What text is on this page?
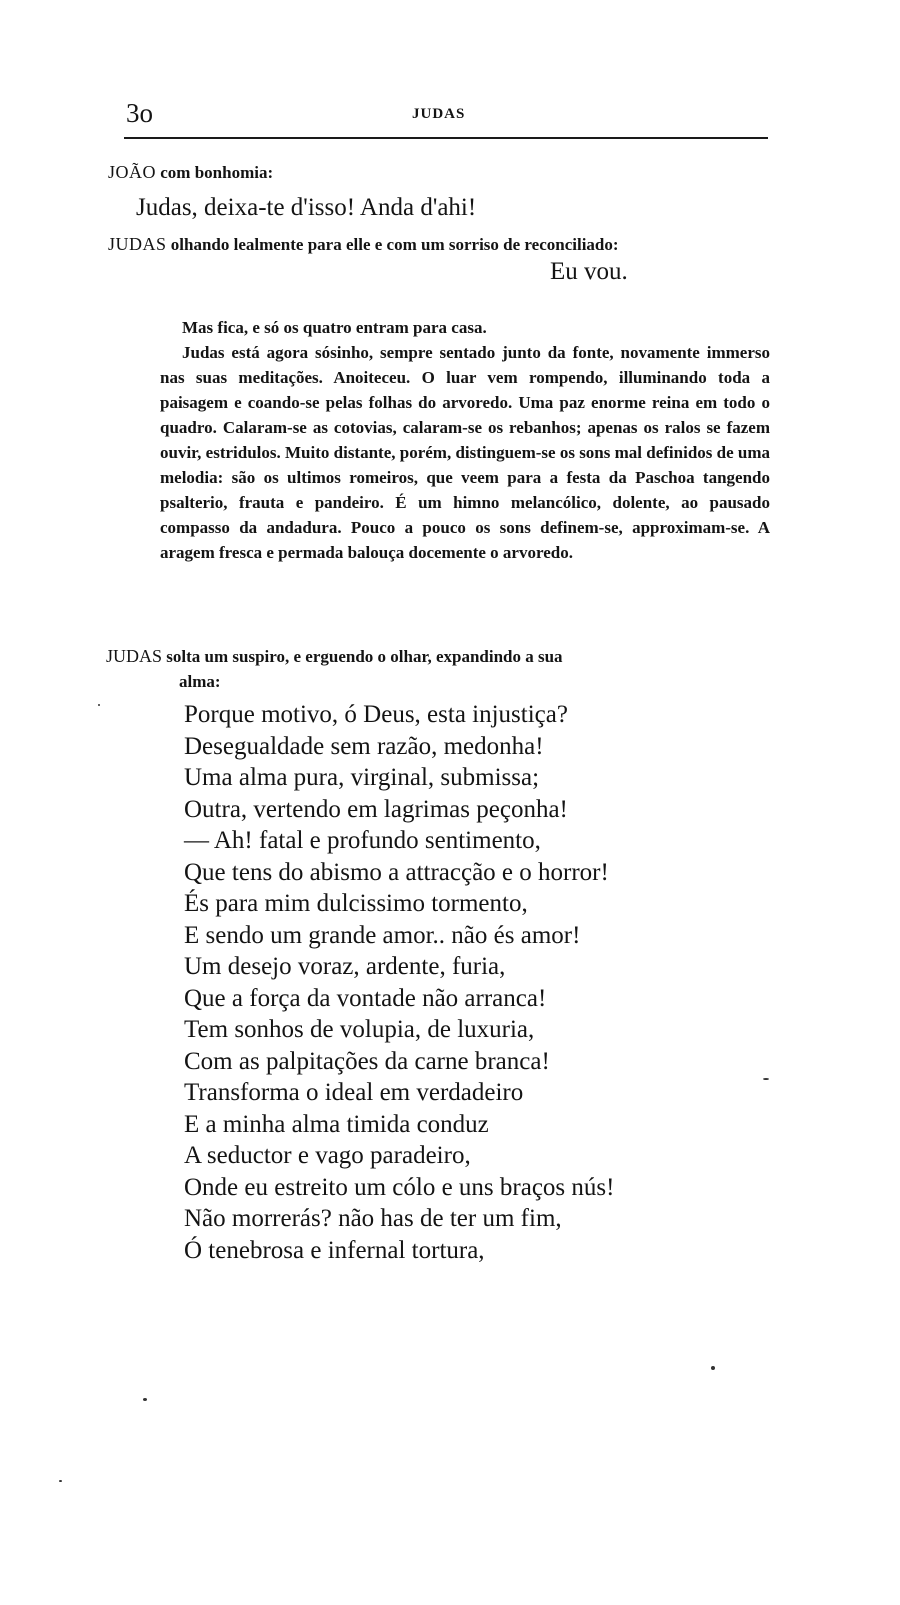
3o	JUDAS
JOÃO com bonhomia:
Judas, deixa-te d'isso! Anda d'ahi!
JUDAS olhando lealmente para elle e com um sorriso de reconciliado:
Eu vou.

Mas fica, e só os quatro entram para casa.

Judas está agora sósinho, sempre sentado junto da fonte, novamente immerso nas suas meditações. Anoiteceu. O luar vem rompendo, illuminando toda a paisagem e coando-se pelas folhas do arvoredo. Uma paz enorme reina em todo o quadro. Calaram-se as cotovias, calaram-se os rebanhos; apenas os ralos se fazem ouvir, estridulos. Muito distante, porém, distinguem-se os sons mal definidos de uma melodia: são os ultimos romeiros, que veem para a festa da Paschoa tangendo psalterio, frauta e pandeiro. É um himno melancólico, dolente, ao pausado compasso da andadura. Pouco a pouco os sons definem-se, approximam-se. A aragem fresca e permada balouça docemente o arvoredo.

JUDAS solta um suspiro, e erguendo o olhar, expandindo a sua
alma:
Porque motivo, ó Deus, esta injustiça?
Desegualdade sem razão, medonha!
Uma alma pura, virginal, submissa;
Outra, vertendo em lagrimas peçonha!
— Ah! fatal e profundo sentimento,
Que tens do abismo a attracção e o horror!
És para mim dulcissimo tormento,
E sendo um grande amor.. não és amor!
Um desejo voraz, ardente, furia,
Que a força da vontade não arranca!
Tem sonhos de volupia, de luxuria,
Com as palpitações da carne branca!
Transforma o ideal em verdadeiro
E a minha alma timida conduz
A seductor e vago paradeiro,
Onde eu estreito um cólo e uns braços nús!
Não morrerás? não has de ter um fim,
Ó tenebrosa e infernal tortura,
